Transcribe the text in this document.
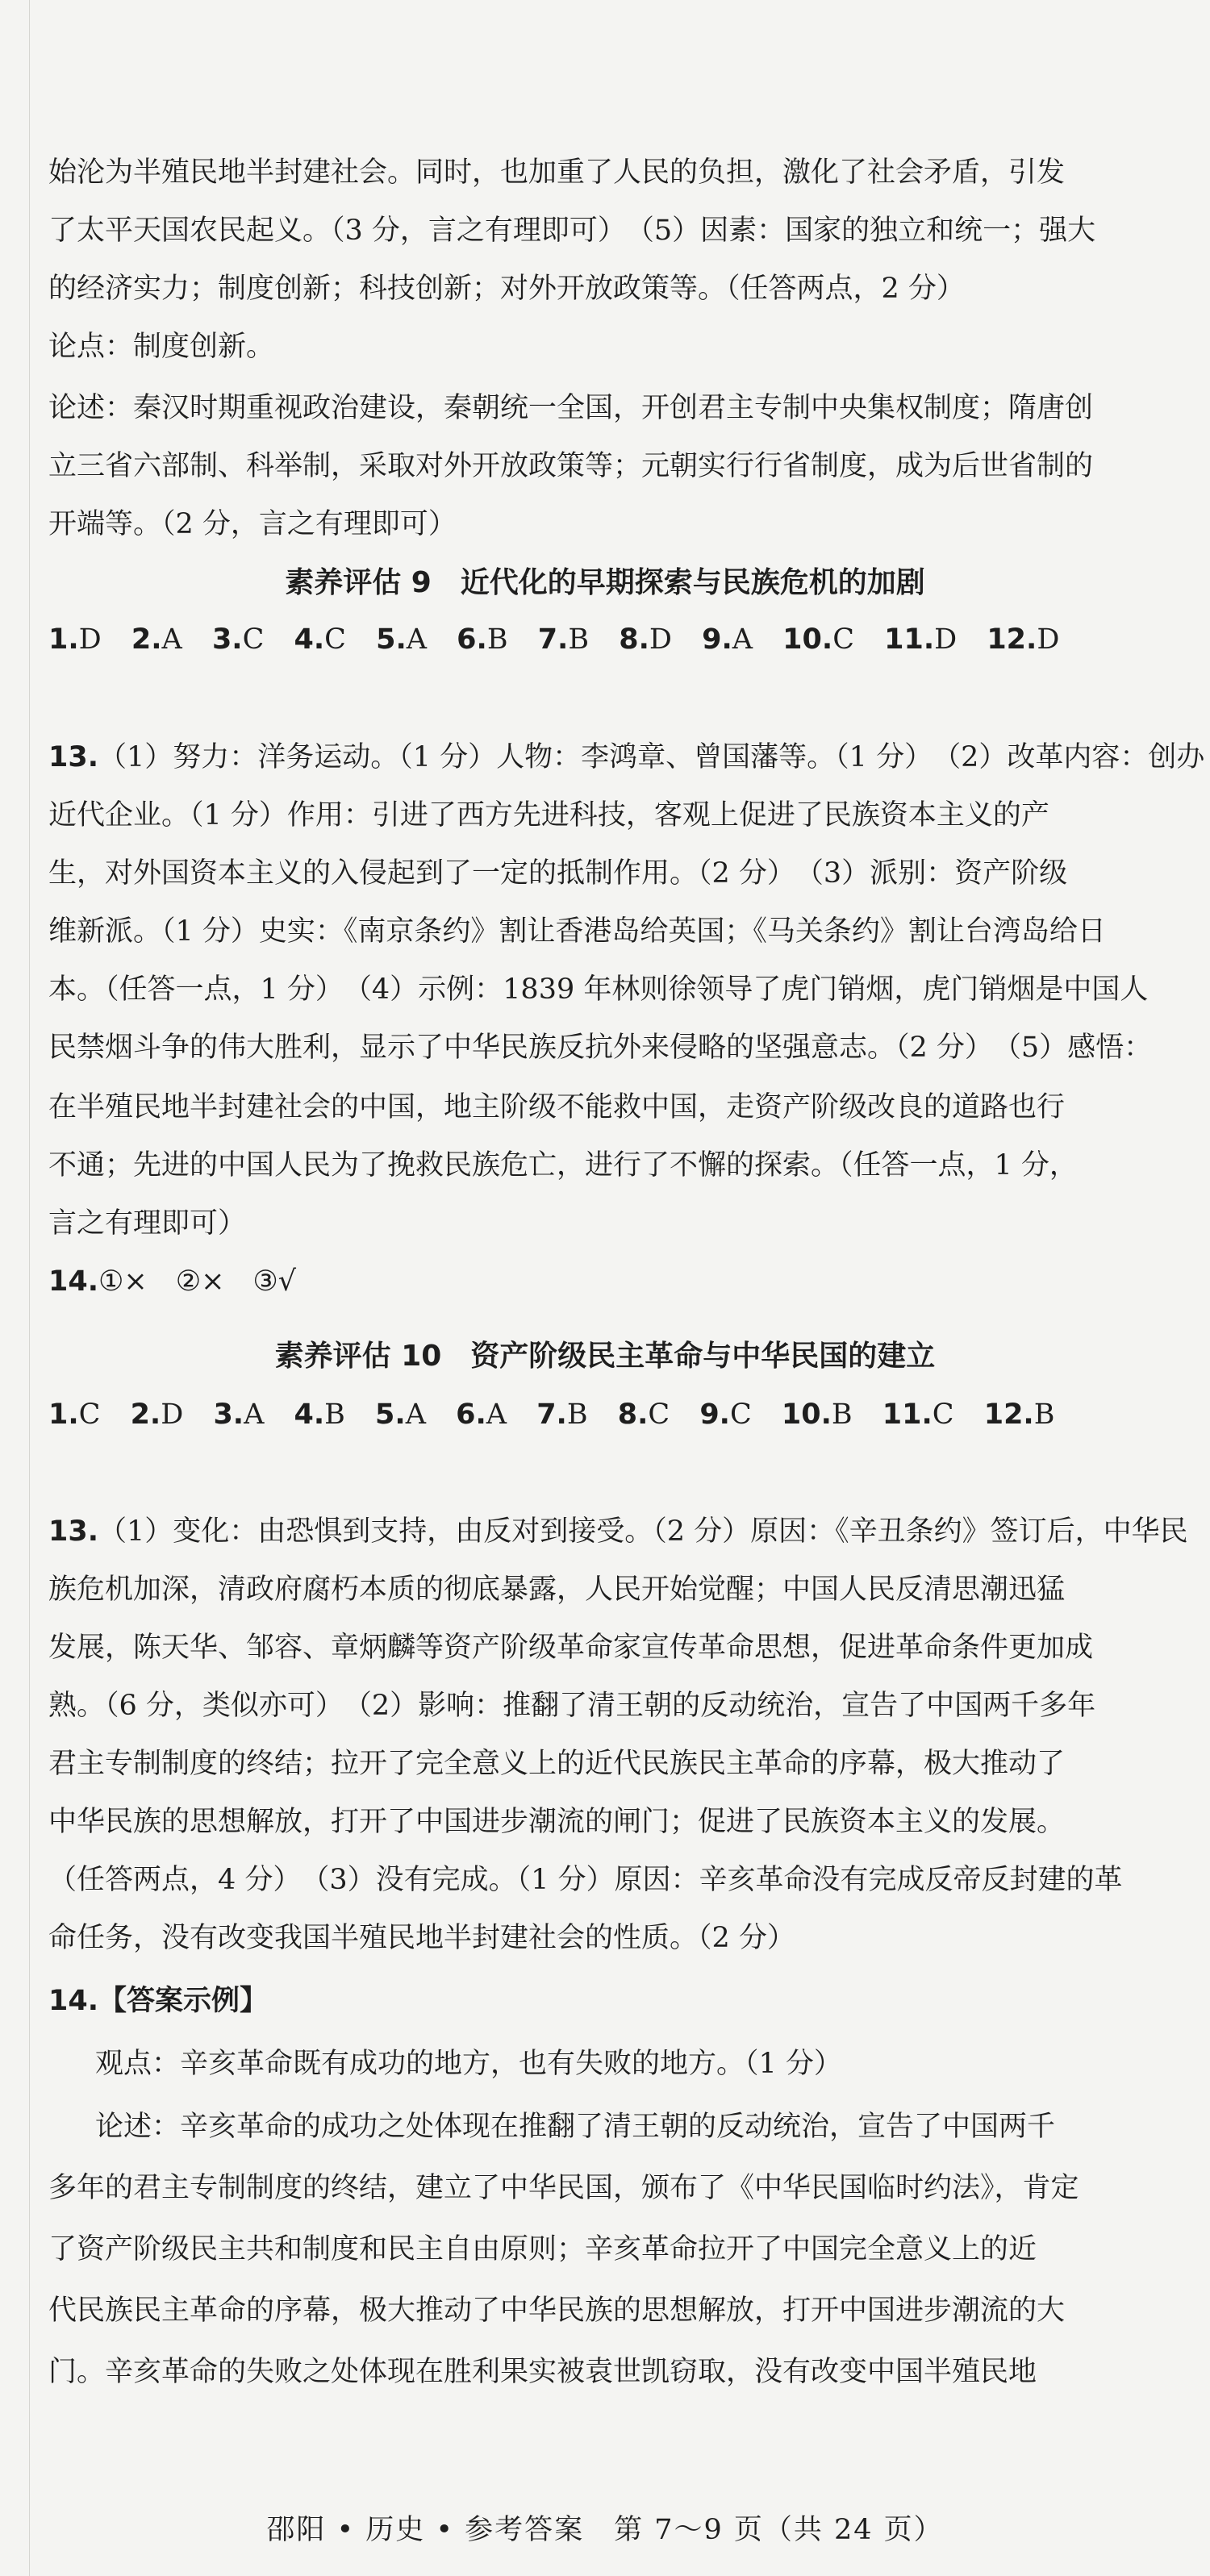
始沦为半殖民地半封建社会。同时，也加重了人民的负担，激化了社会矛盾，引发

了太平天国农民起义。（3 分，言之有理即可）　（5）因素：国家的独立和统一；强大

的经济实力；制度创新；科技创新；对外开放政策等。（任答两点，2 分）

论点：制度创新。

论述：秦汉时期重视政治建设，秦朝统一全国，开创君主专制中央集权制度；隋唐创

立三省六部制、科举制，采取对外开放政策等；元朝实行行省制度，成为后世省制的

开端等。（2 分，言之有理即可）

素养评估 9　近代化的早期探索与民族危机的加剧
1.D 2.A 3.C 4.C 5.A 6.B 7.B 8.D 9.A 10.C 11.D 12.D

13.（1）努力：洋务运动。（1 分）人物：李鸿章、曾国藩等。（1 分）　（2）改革内容：创办

近代企业。（1 分）作用：引进了西方先进科技，客观上促进了民族资本主义的产

生，对外国资本主义的入侵起到了一定的抵制作用。（2 分）　（3）派别：资产阶级

维新派。（1 分）史实：《南京条约》割让香港岛给英国；《马关条约》割让台湾岛给日

本。（任答一点，1 分）　（4）示例：1839 年林则徐领导了虎门销烟，虎门销烟是中国人

民禁烟斗争的伟大胜利，显示了中华民族反抗外来侵略的坚强意志。（2 分）　（5）感悟：

在半殖民地半封建社会的中国，地主阶级不能救中国，走资产阶级改良的道路也行

不通；先进的中国人民为了挽救民族危亡，进行了不懈的探索。（任答一点，1 分，

言之有理即可）

14.①×　②×　③√

素养评估 10　资产阶级民主革命与中华民国的建立
1.C 2.D 3.A 4.B 5.A 6.A 7.B 8.C 9.C 10.B 11.C 12.B

13.（1）变化：由恐惧到支持，由反对到接受。（2 分）原因：《辛丑条约》签订后，中华民

族危机加深，清政府腐朽本质的彻底暴露，人民开始觉醒；中国人民反清思潮迅猛

发展，陈天华、邹容、章炳麟等资产阶级革命家宣传革命思想，促进革命条件更加成

熟。（6 分，类似亦可）　（2）影响：推翻了清王朝的反动统治，宣告了中国两千多年

君主专制制度的终结；拉开了完全意义上的近代民族民主革命的序幕，极大推动了

中华民族的思想解放，打开了中国进步潮流的闸门；促进了民族资本主义的发展。

（任答两点，4 分）　（3）没有完成。（1 分）原因：辛亥革命没有完成反帝反封建的革

命任务，没有改变我国半殖民地半封建社会的性质。（2 分）

14.【答案示例】

观点：辛亥革命既有成功的地方，也有失败的地方。（1 分）

论述：辛亥革命的成功之处体现在推翻了清王朝的反动统治，宣告了中国两千

多年的君主专制制度的终结，建立了中华民国，颁布了《中华民国临时约法》，肯定

了资产阶级民主共和制度和民主自由原则；辛亥革命拉开了中国完全意义上的近

代民族民主革命的序幕，极大推动了中华民族的思想解放，打开中国进步潮流的大

门。辛亥革命的失败之处体现在胜利果实被袁世凯窃取，没有改变中国半殖民地

邵阳 • 历史 • 参考答案　第 7～9 页（共 24 页）
